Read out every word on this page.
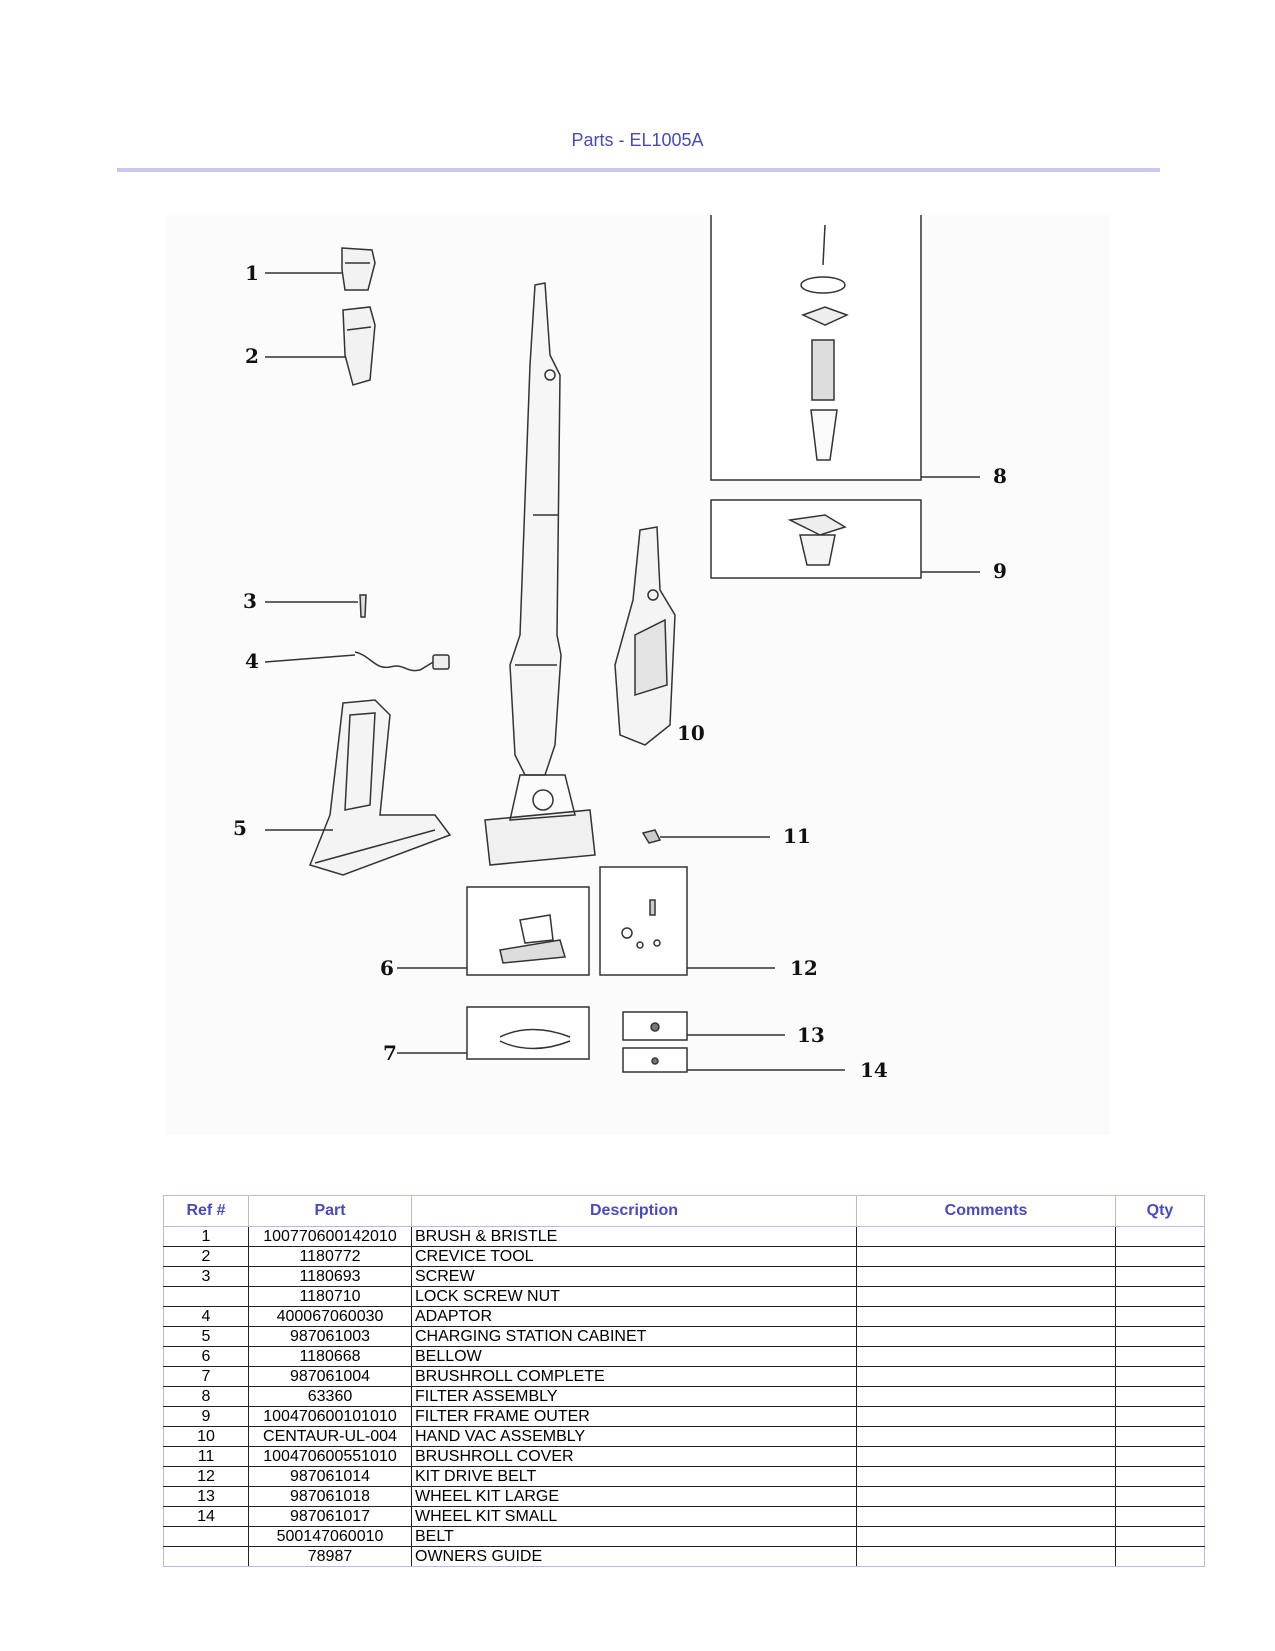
Parts - EL1005A
1
2
3
4
5
6
7
8
9
10
11
12
13
14
Ref #	Part	Description	Comments	Qty
1	100770600142010	BRUSH & BRISTLE		
2	1180772	CREVICE TOOL		
3	1180693	SCREW		
	1180710	LOCK SCREW NUT		
4	400067060030	ADAPTOR		
5	987061003	CHARGING STATION CABINET		
6	1180668	BELLOW		
7	987061004	BRUSHROLL COMPLETE		
8	63360	FILTER ASSEMBLY		
9	100470600101010	FILTER FRAME OUTER		
10	CENTAUR-UL-004	HAND VAC ASSEMBLY		
11	100470600551010	BRUSHROLL COVER		
12	987061014	KIT DRIVE BELT		
13	987061018	WHEEL KIT LARGE		
14	987061017	WHEEL KIT SMALL		
	500147060010	BELT		
	78987	OWNERS GUIDE		
